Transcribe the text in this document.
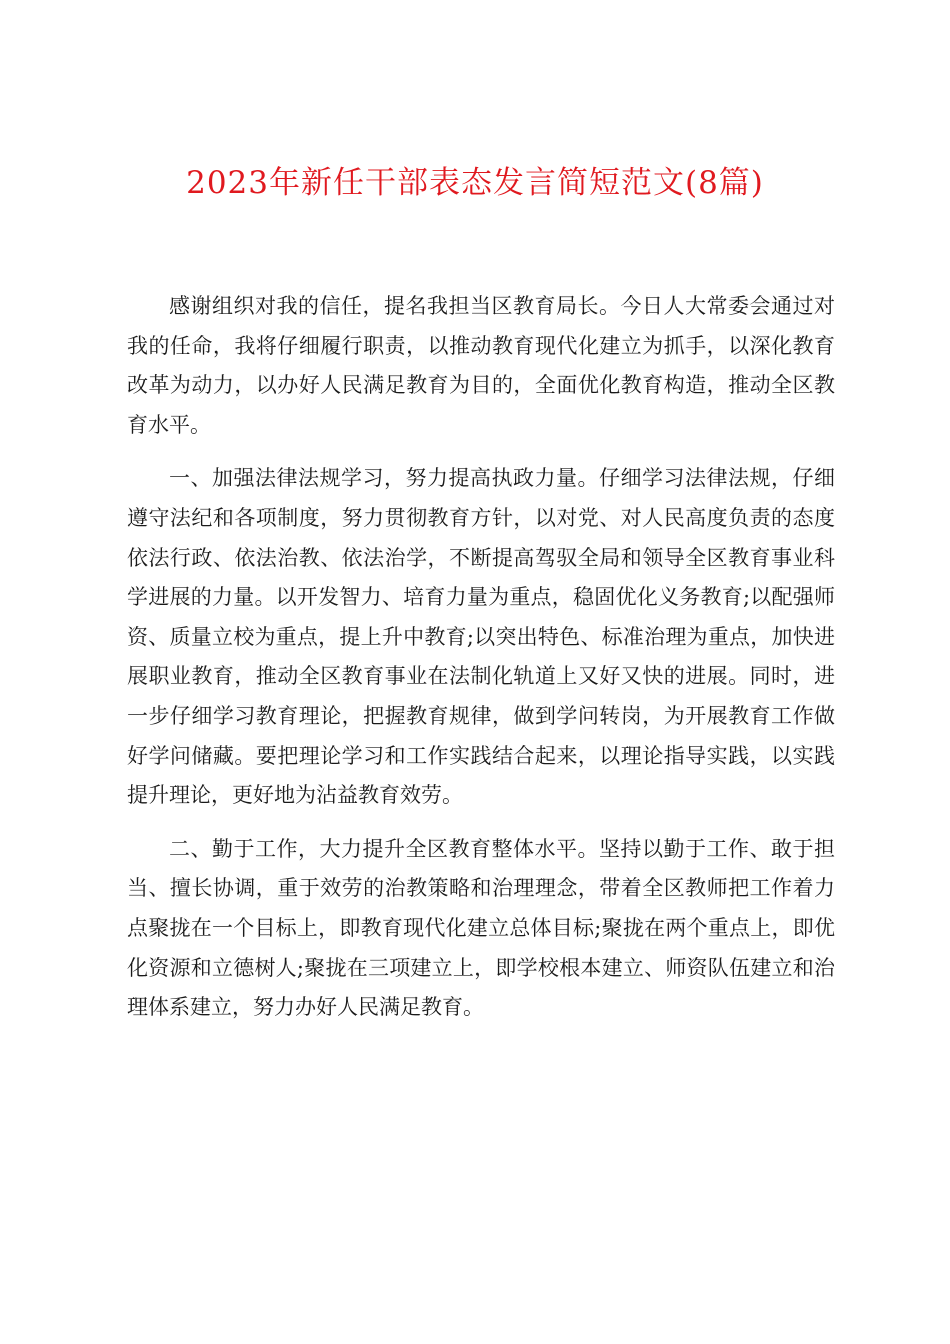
2023年新任干部表态发言简短范文(8篇)

感谢组织对我的信任，提名我担当区教育局长。今日人大常委会通过对我的任命，我将仔细履行职责，以推动教育现代化建立为抓手，以深化教育改革为动力，以办好人民满足教育为目的，全面优化教育构造，推动全区教育水平。

一、加强法律法规学习，努力提高执政力量。仔细学习法律法规，仔细遵守法纪和各项制度，努力贯彻教育方针，以对党、对人民高度负责的态度依法行政、依法治教、依法治学，不断提高驾驭全局和领导全区教育事业科学进展的力量。以开发智力、培育力量为重点，稳固优化义务教育;以配强师资、质量立校为重点，提上升中教育;以突出特色、标准治理为重点，加快进展职业教育，推动全区教育事业在法制化轨道上又好又快的进展。同时，进一步仔细学习教育理论，把握教育规律，做到学问转岗，为开展教育工作做好学问储藏。要把理论学习和工作实践结合起来，以理论指导实践，以实践提升理论，更好地为沾益教育效劳。

二、勤于工作，大力提升全区教育整体水平。坚持以勤于工作、敢于担当、擅长协调，重于效劳的治教策略和治理理念，带着全区教师把工作着力点聚拢在一个目标上，即教育现代化建立总体目标;聚拢在两个重点上，即优化资源和立德树人;聚拢在三项建立上，即学校根本建立、师资队伍建立和治理体系建立，努力办好人民满足教育。
